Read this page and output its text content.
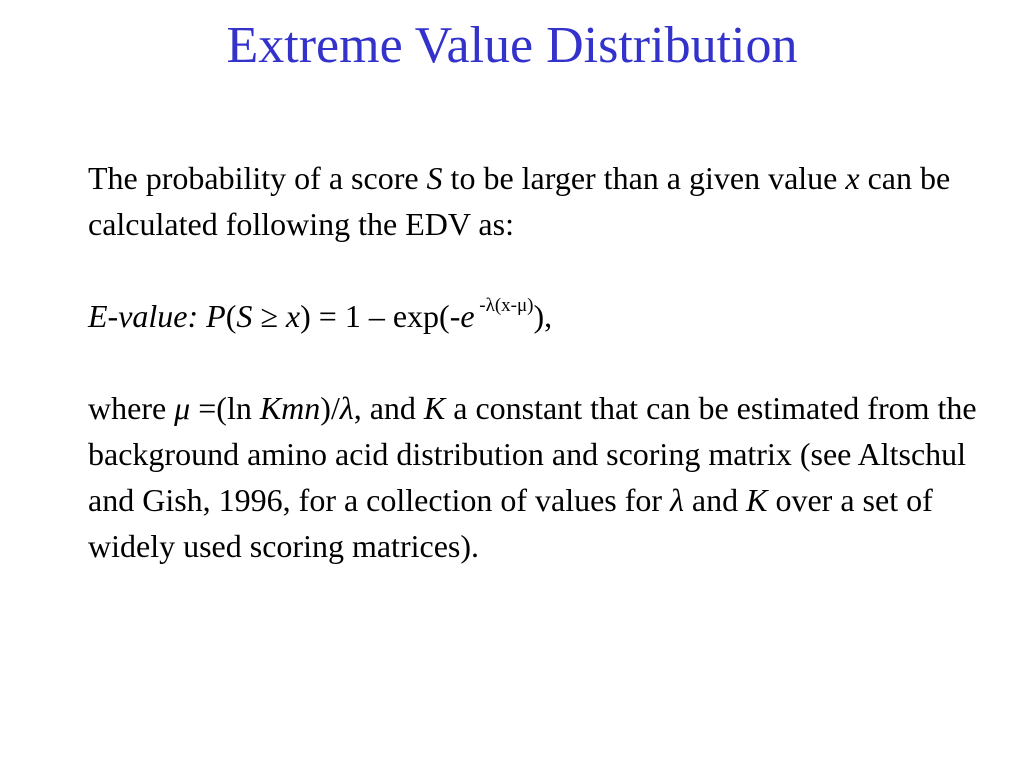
Extreme Value Distribution

The probability of a score S to be larger than a given value x can be calculated following the EDV as:

E-value: P(S ≥ x) = 1 – exp(-e $^{-\lambda(x-\mu)}$),

where μ =(ln Kmn)/λ, and K a constant that can be estimated from the background amino acid distribution and scoring matrix (see Altschul and Gish, 1996, for a collection of values for λ and K over a set of widely used scoring matrices).
